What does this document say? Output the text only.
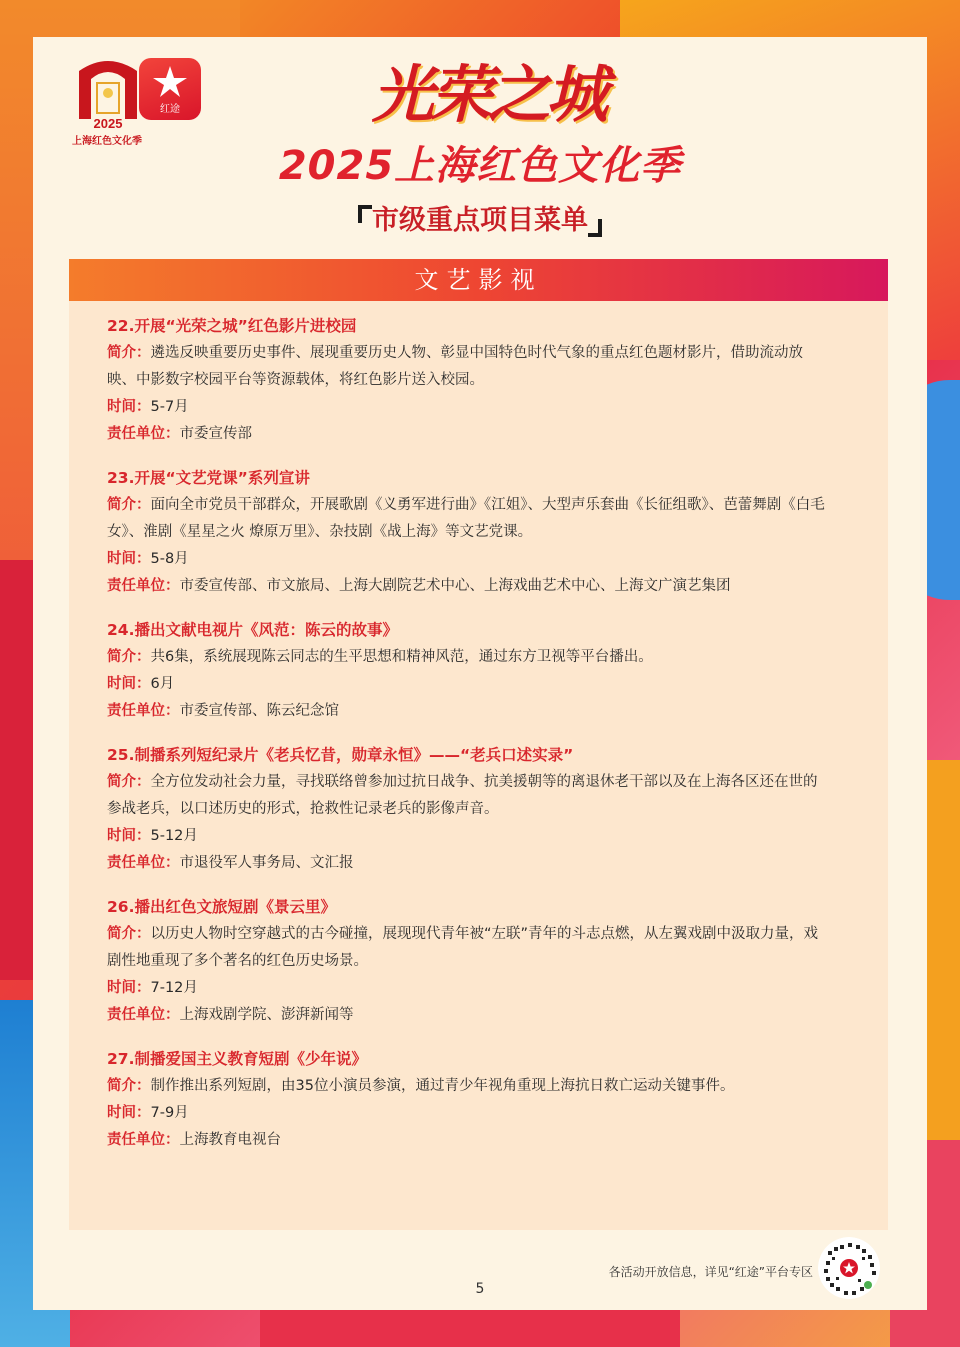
2025
上海红色文化季
红途	光荣之城
2025上海红色文化季
市级重点项目菜单
文艺影视
22.开展“光荣之城”红色影片进校园
简介：遴选反映重要历史事件、展现重要历史人物、彰显中国特色时代气象的重点红色题材影片，借助流动放
映、中影数字校园平台等资源载体，将红色影片送入校园。
时间：5-7月
责任单位：市委宣传部
23.开展“文艺党课”系列宣讲
简介：面向全市党员干部群众，开展歌剧《义勇军进行曲》《江姐》、大型声乐套曲《长征组歌》、芭蕾舞剧《白毛
女》、淮剧《星星之火 燎原万里》、杂技剧《战上海》等文艺党课。
时间：5-8月
责任单位：市委宣传部、市文旅局、上海大剧院艺术中心、上海戏曲艺术中心、上海文广演艺集团
24.播出文献电视片《风范：陈云的故事》
简介：共6集，系统展现陈云同志的生平思想和精神风范，通过东方卫视等平台播出。
时间：6月
责任单位：市委宣传部、陈云纪念馆
25.制播系列短纪录片《老兵忆昔，勋章永恒》——“老兵口述实录”
简介：全方位发动社会力量，寻找联络曾参加过抗日战争、抗美援朝等的离退休老干部以及在上海各区还在世的
参战老兵，以口述历史的形式，抢救性记录老兵的影像声音。
时间：5-12月
责任单位：市退役军人事务局、文汇报
26.播出红色文旅短剧《景云里》
简介：以历史人物时空穿越式的古今碰撞，展现现代青年被“左联”青年的斗志点燃，从左翼戏剧中汲取力量，戏
剧性地重现了多个著名的红色历史场景。
时间：7-12月
责任单位：上海戏剧学院、澎湃新闻等
27.制播爱国主义教育短剧《少年说》
简介：制作推出系列短剧，由35位小演员参演，通过青少年视角重现上海抗日救亡运动关键事件。
时间：7-9月
责任单位：上海教育电视台
各活动开放信息，详见“红途”平台专区
5
